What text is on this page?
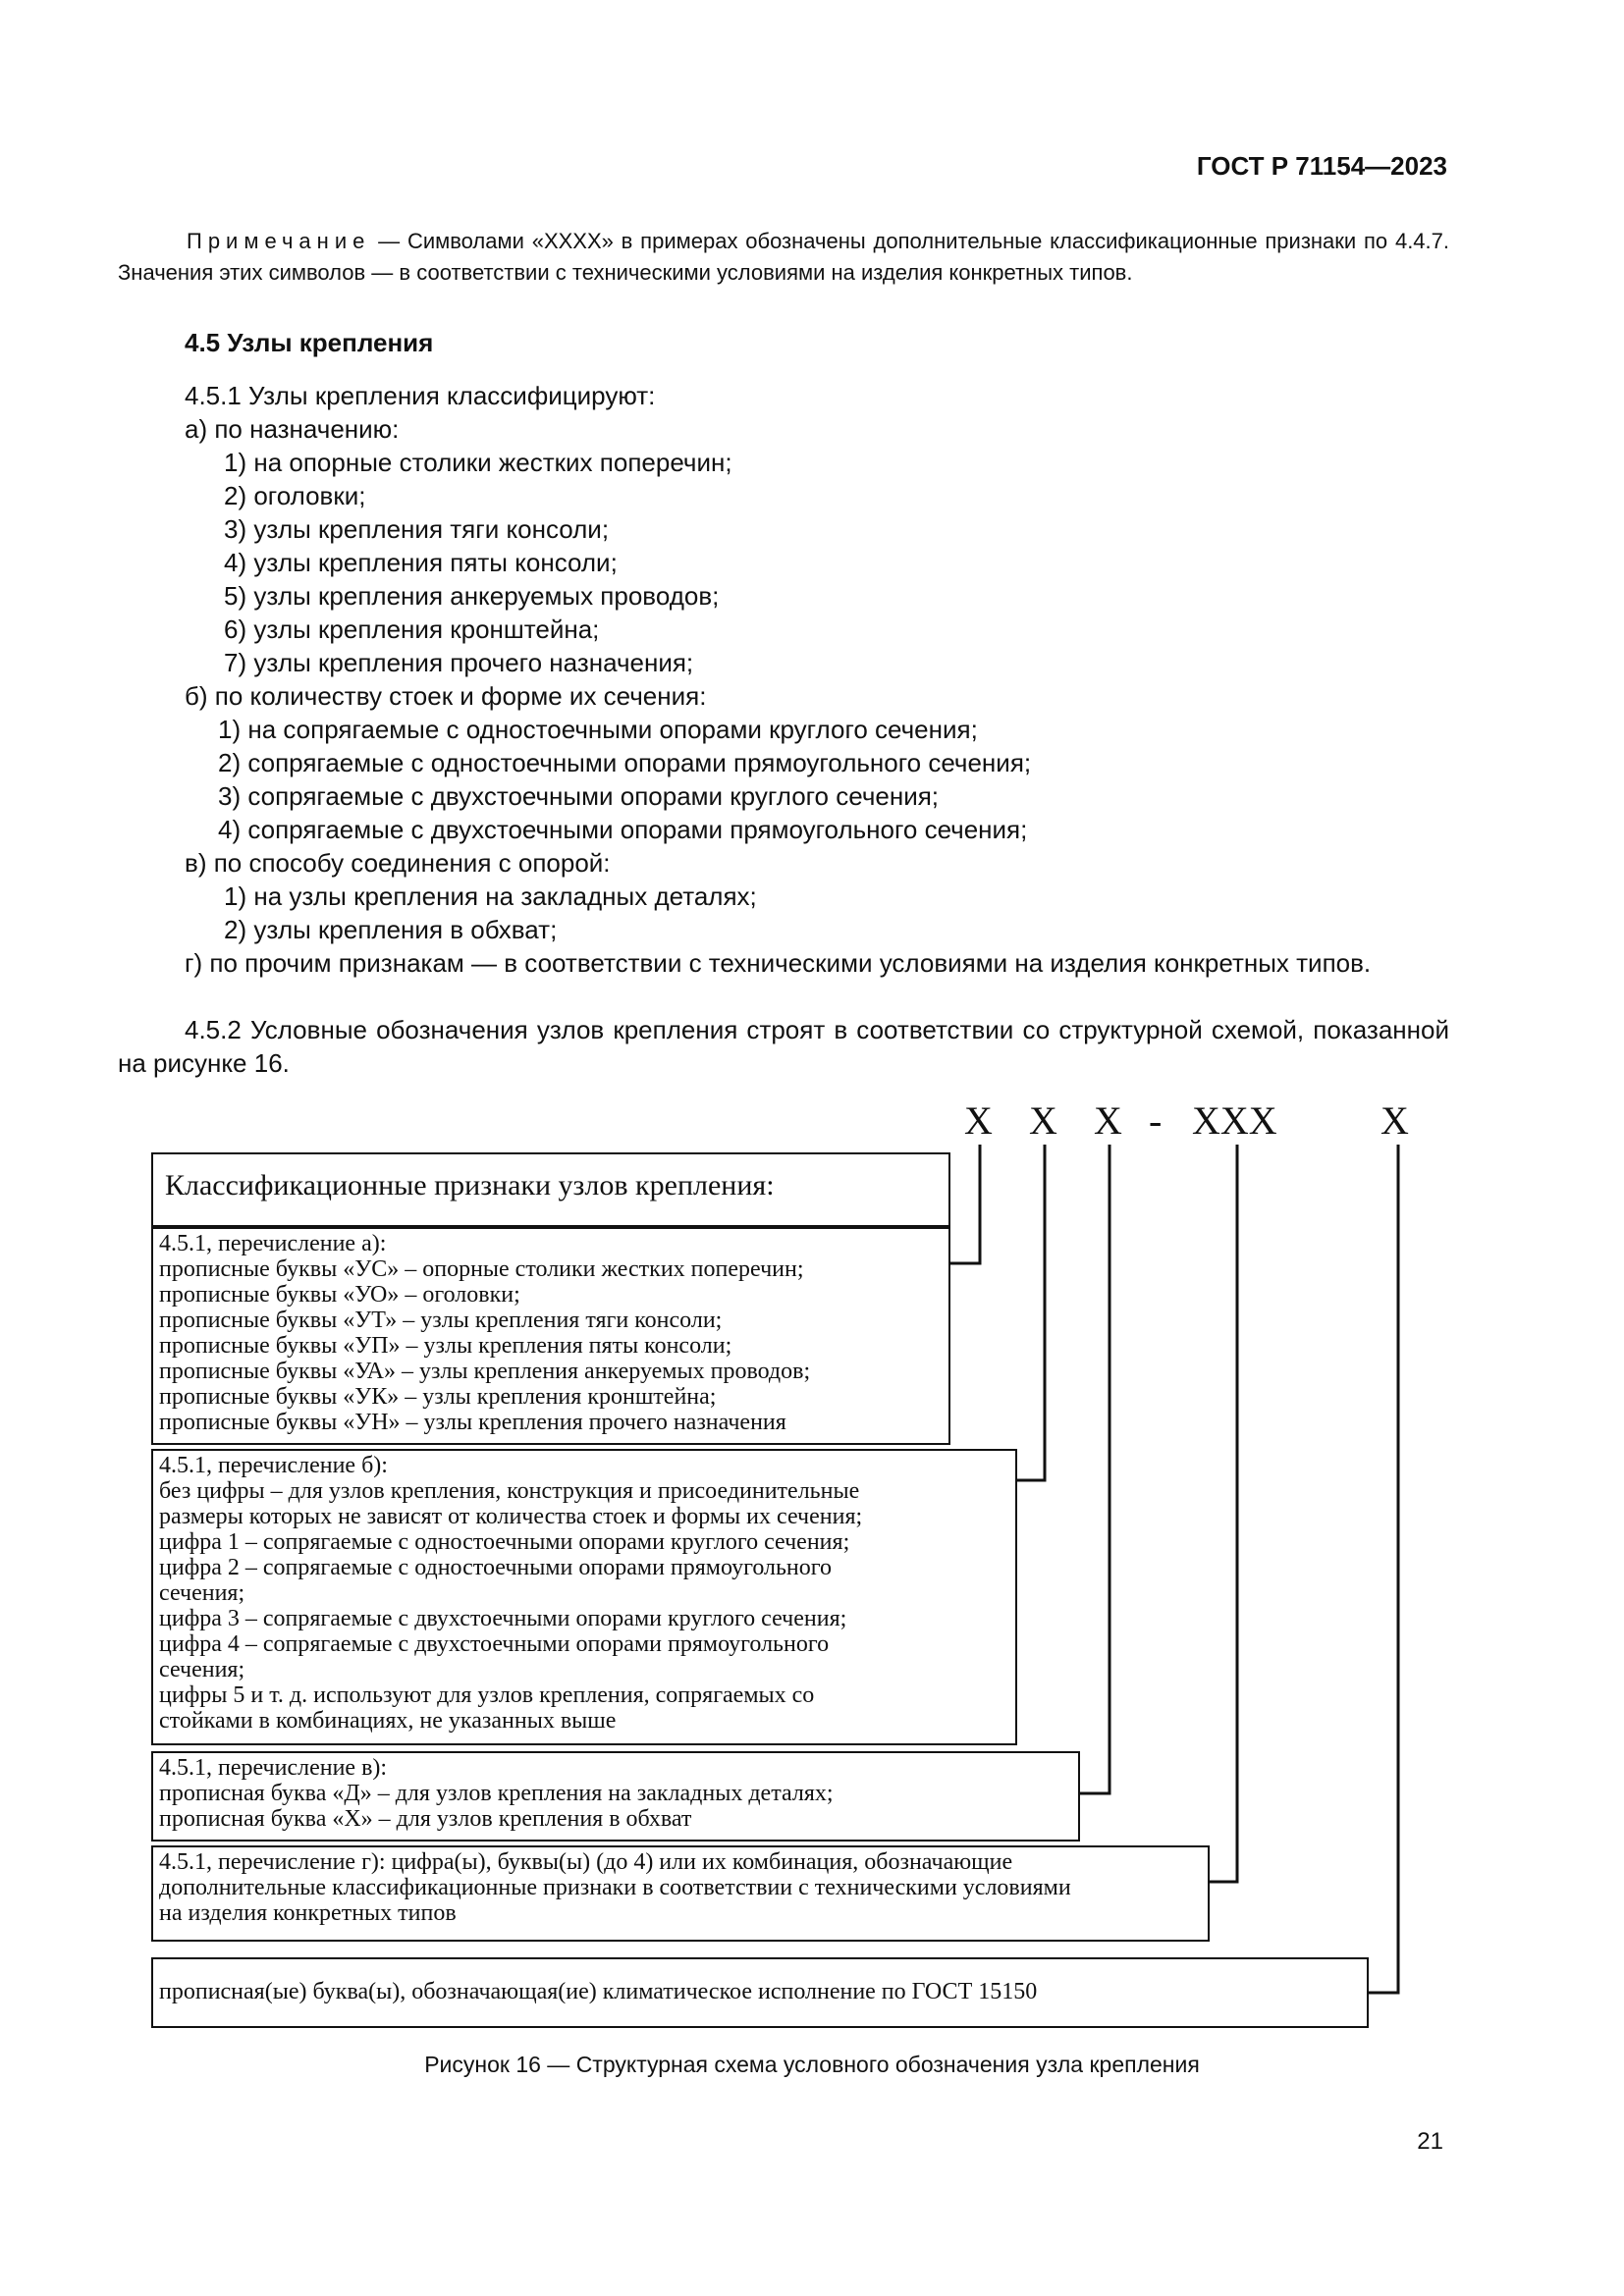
ГОСТ Р 71154—2023
Примечание — Символами «XXXX» в примерах обозначены дополнительные классификационные признаки по 4.4.7. Значения этих символов — в соответствии с техническими условиями на изделия конкретных типов.
4.5 Узлы крепления
4.5.1 Узлы крепления классифицируют:
а) по назначению:
1) на опорные столики жестких поперечин;
2) оголовки;
3) узлы крепления тяги консоли;
4) узлы крепления пяты консоли;
5) узлы крепления анкеруемых проводов;
6) узлы крепления кронштейна;
7) узлы крепления прочего назначения;
б) по количеству стоек и форме их сечения:
1) на сопрягаемые с одностоечными опорами круглого сечения;
2) сопрягаемые с одностоечными опорами прямоугольного сечения;
3) сопрягаемые с двухстоечными опорами круглого сечения;
4) сопрягаемые с двухстоечными опорами прямоугольного сечения;
в) по способу соединения с опорой:
1) на узлы крепления на закладных деталях;
2) узлы крепления в обхват;
г) по прочим признакам — в соответствии с техническими условиями на изделия конкретных типов.
4.5.2 Условные обозначения узлов крепления строят в соответствии со структурной схемой, показанной на рисунке 16.
X X X - XXX	X
Классификационные признаки узлов крепления:
4.5.1, перечисление а):
прописные буквы «УС» – опорные столики жестких поперечин;
прописные буквы «УО» – оголовки;
прописные буквы «УТ» – узлы крепления тяги консоли;
прописные буквы «УП» – узлы крепления пяты консоли;
прописные буквы «УА» – узлы крепления анкеруемых проводов;
прописные буквы «УК» – узлы крепления кронштейна;
прописные буквы «УН» – узлы крепления прочего назначения
4.5.1, перечисление б):
без цифры – для узлов крепления, конструкция и присоединительные
размеры которых не зависят от количества стоек и формы их сечения;
цифра 1 – сопрягаемые с одностоечными опорами круглого сечения;
цифра 2 – сопрягаемые с одностоечными опорами прямоугольного
сечения;
цифра 3 – сопрягаемые с двухстоечными опорами круглого сечения;
цифра 4 – сопрягаемые с двухстоечными опорами прямоугольного
сечения;
цифры 5 и т. д. используют для узлов крепления, сопрягаемых со
стойками в комбинациях, не указанных выше
4.5.1, перечисление в):
прописная буква «Д» – для узлов крепления на закладных деталях;
прописная буква «Х» – для узлов крепления в обхват
4.5.1, перечисление г): цифра(ы), буквы(ы) (до 4) или их комбинация, обозначающие
дополнительные классификационные признаки в соответствии с техническими условиями
на изделия конкретных типов
прописная(ые) буква(ы), обозначающая(ие) климатическое исполнение по ГОСТ 15150
Рисунок 16 — Структурная схема условного обозначения узла крепления
21
